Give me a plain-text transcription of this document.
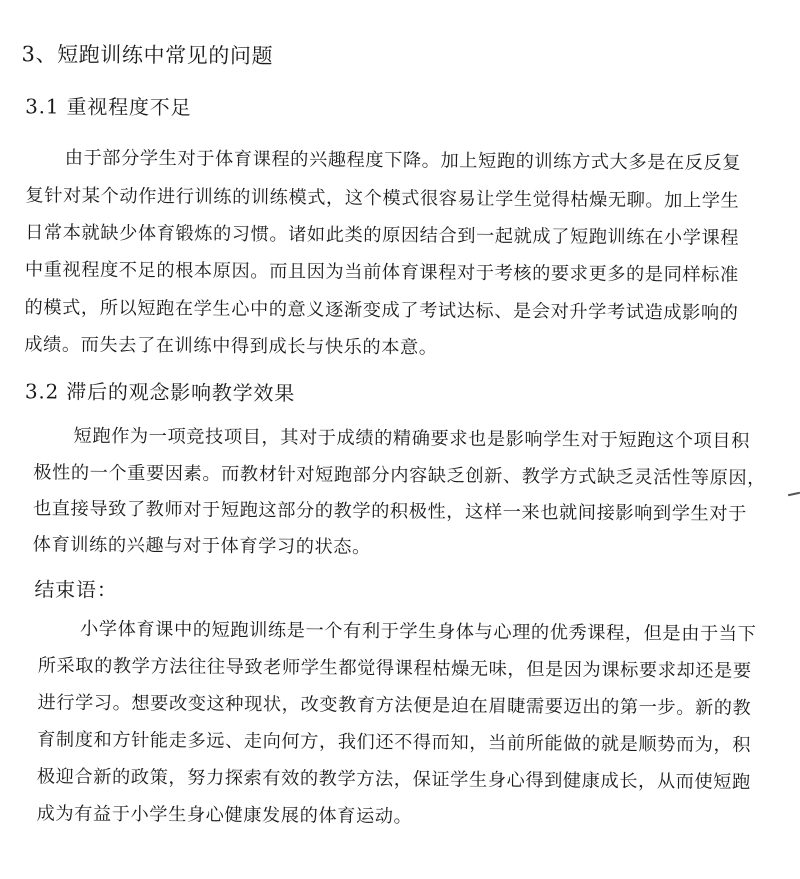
3、短跑训练中常见的问题
3.1 重视程度不足
由于部分学生对于体育课程的兴趣程度下降。加上短跑的训练方式大多是在反反复
复针对某个动作进行训练的训练模式，这个模式很容易让学生觉得枯燥无聊。加上学生
日常本就缺少体育锻炼的习惯。诸如此类的原因结合到一起就成了短跑训练在小学课程
中重视程度不足的根本原因。而且因为当前体育课程对于考核的要求更多的是同样标准
的模式，所以短跑在学生心中的意义逐渐变成了考试达标、是会对升学考试造成影响的
成绩。而失去了在训练中得到成长与快乐的本意。
3.2 滞后的观念影响教学效果
短跑作为一项竞技项目，其对于成绩的精确要求也是影响学生对于短跑这个项目积
极性的一个重要因素。而教材针对短跑部分内容缺乏创新、教学方式缺乏灵活性等原因，
也直接导致了教师对于短跑这部分的教学的积极性，这样一来也就间接影响到学生对于
体育训练的兴趣与对于体育学习的状态。
结束语：
小学体育课中的短跑训练是一个有利于学生身体与心理的优秀课程，但是由于当下
所采取的教学方法往往导致老师学生都觉得课程枯燥无味，但是因为课标要求却还是要
进行学习。想要改变这种现状，改变教育方法便是迫在眉睫需要迈出的第一步。新的教
育制度和方针能走多远、走向何方，我们还不得而知，当前所能做的就是顺势而为，积
极迎合新的政策，努力探索有效的教学方法，保证学生身心得到健康成长，从而使短跑
成为有益于小学生身心健康发展的体育运动。
